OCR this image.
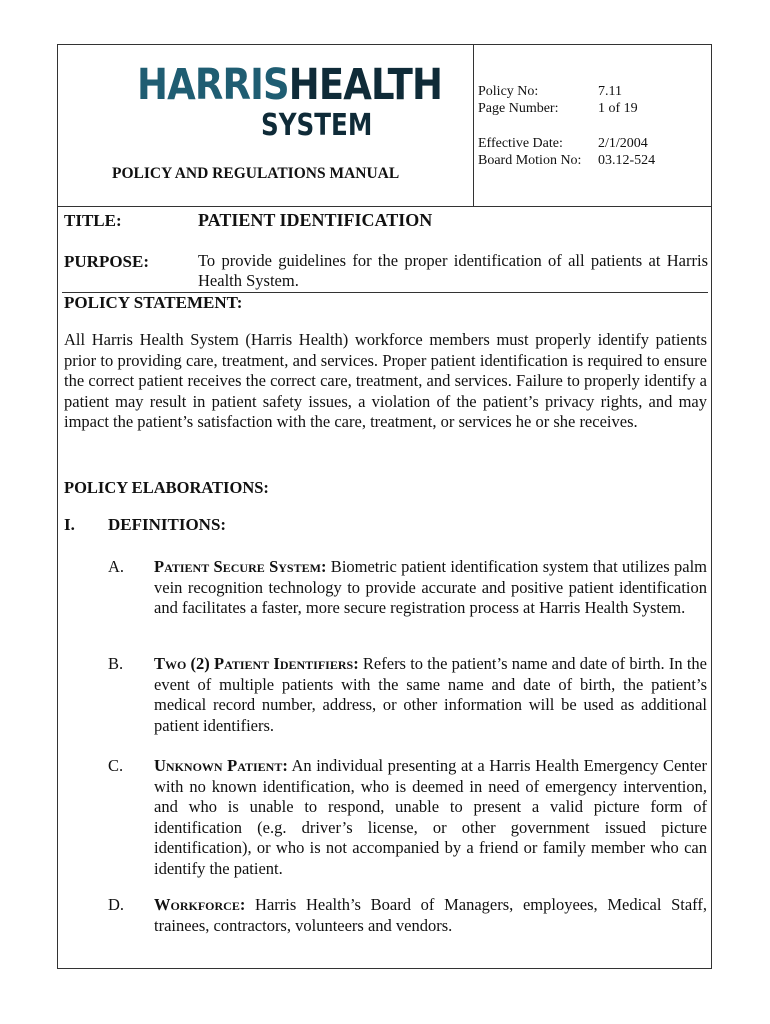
HARRISHEALTH
SYSTEM
POLICY AND REGULATIONS MANUAL
Policy No:	7.11
Page Number:	1 of 19
Effective Date:	2/1/2004
Board Motion No: 03.12-524
TITLE:	PATIENT IDENTIFICATION
PURPOSE:	To provide guidelines for the proper identification of all patients at Harris Health System.
POLICY STATEMENT:
All Harris Health System (Harris Health) workforce members must properly identify patients prior to providing care, treatment, and services. Proper patient identification is required to ensure the correct patient receives the correct care, treatment, and services. Failure to properly identify a patient may result in patient safety issues, a violation of the patient’s privacy rights, and may impact the patient’s satisfaction with the care, treatment, or services he or she receives.
POLICY ELABORATIONS:
I. DEFINITIONS:
A. Patient Secure System: Biometric patient identification system that utilizes palm vein recognition technology to provide accurate and positive patient identification and facilitates a faster, more secure registration process at Harris Health System.
B. Two (2) Patient Identifiers: Refers to the patient’s name and date of birth. In the event of multiple patients with the same name and date of birth, the patient’s medical record number, address, or other information will be used as additional patient identifiers.
C. Unknown Patient: An individual presenting at a Harris Health Emergency Center with no known identification, who is deemed in need of emergency intervention, and who is unable to respond, unable to present a valid picture form of identification (e.g. driver’s license, or other government issued picture identification), or who is not accompanied by a friend or family member who can identify the patient.
D. Workforce: Harris Health’s Board of Managers, employees, Medical Staff, trainees, contractors, volunteers and vendors.
